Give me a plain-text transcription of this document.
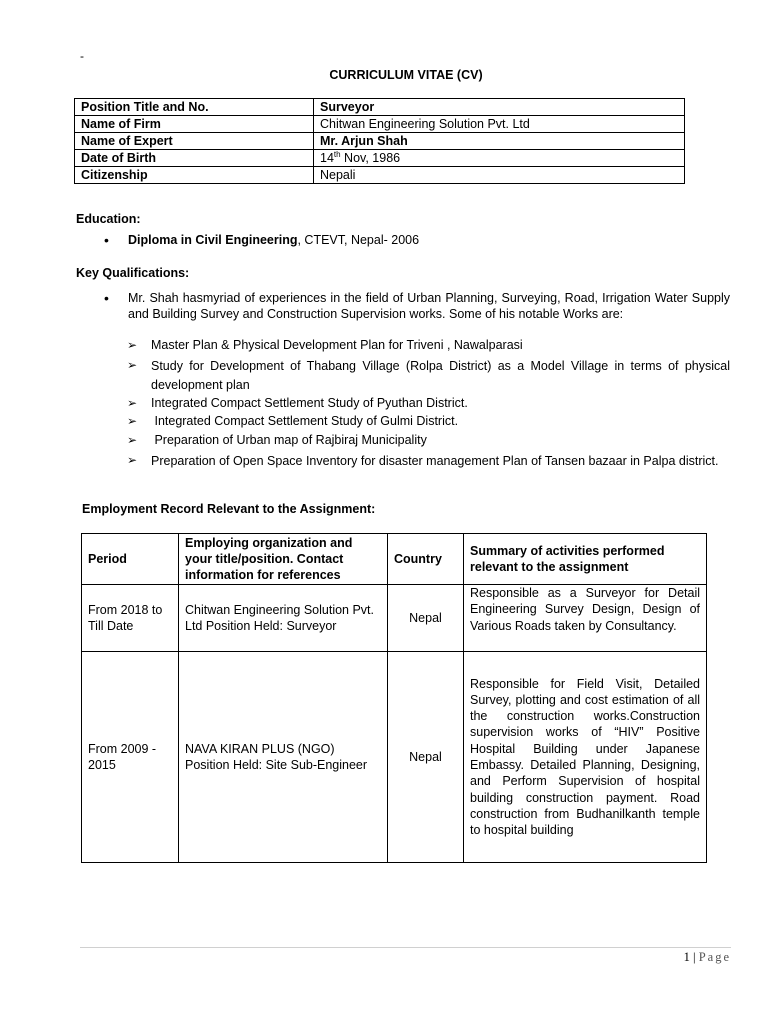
-
CURRICULUM VITAE (CV)
Position Title and No.	Surveyor
Name of Firm	Chitwan Engineering Solution Pvt. Ltd
Name of Expert	Mr. Arjun Shah
Date of Birth	14th Nov, 1986
Citizenship	Nepali
Education:
• Diploma in Civil Engineering, CTEVT, Nepal- 2006
Key Qualifications:
• Mr. Shah hasmyriad of experiences in the field of Urban Planning, Surveying, Road, Irrigation Water Supply and Building Survey and Construction Supervision works. Some of his notable Works are:
➢ Master Plan & Physical Development Plan for Triveni , Nawalparasi
➢ Study for Development of Thabang Village (Rolpa District) as a Model Village in terms of physical development plan
➢ Integrated Compact Settlement Study of Pyuthan District.
➢ Integrated Compact Settlement Study of Gulmi District.
➢ Preparation of Urban map of Rajbiraj Municipality
➢ Preparation of Open Space Inventory for disaster management Plan of Tansen bazaar in Palpa district.
Employment Record Relevant to the Assignment:
Period	Employing organization and your title/position. Contact information for references	Country	Summary of activities performed relevant to the assignment
From 2018 to Till Date	Chitwan Engineering Solution Pvt. Ltd Position Held: Surveyor	Nepal	Responsible as a Surveyor for Detail Engineering Survey Design, Design of Various Roads taken by Consultancy.
From 2009 - 2015	NAVA KIRAN PLUS (NGO)
Position Held: Site Sub-Engineer	Nepal	Responsible for Field Visit, Detailed Survey, plotting and cost estimation of all the construction works.Construction supervision works of “HIV” Positive Hospital Building under Japanese Embassy. Detailed Planning, Designing, and Perform Supervision of hospital building construction payment. Road construction from Budhanilkanth temple to hospital building
1 | Page
